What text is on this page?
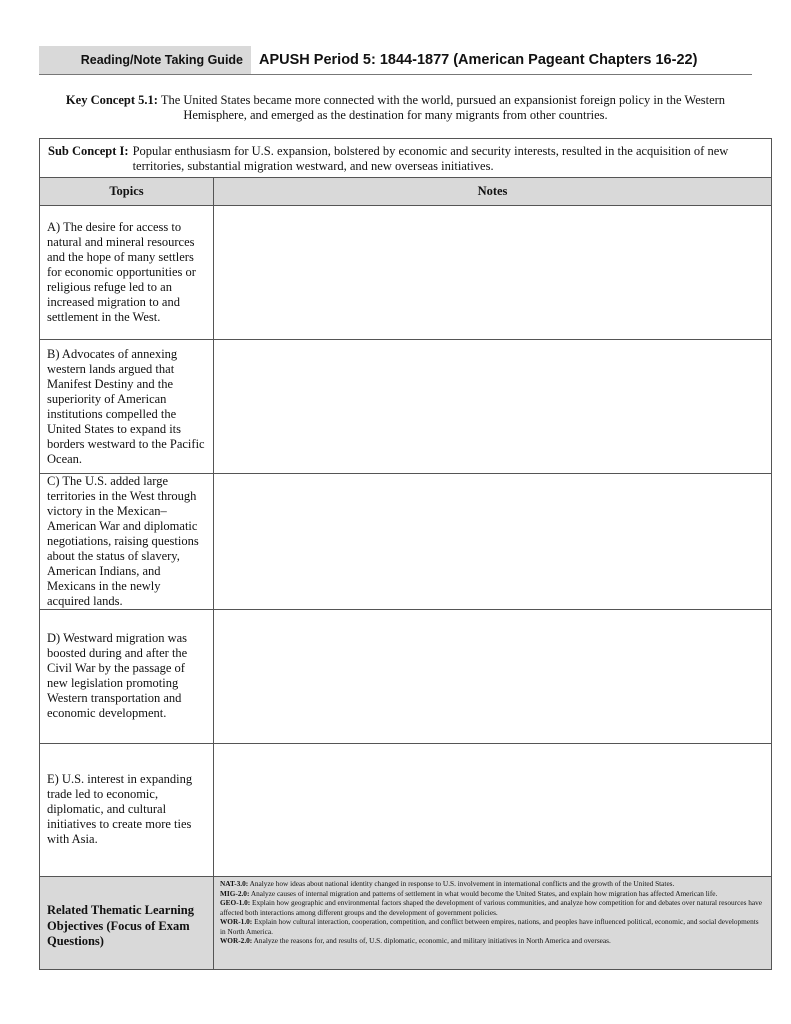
Reading/Note Taking Guide	APUSH Period 5: 1844-1877 (American Pageant Chapters 16-22)
Key Concept 5.1: The United States became more connected with the world, pursued an expansionist foreign policy in the Western Hemisphere, and emerged as the destination for many migrants from other countries.
Sub Concept I: Popular enthusiasm for U.S. expansion, bolstered by economic and security interests, resulted in the acquisition of new territories, substantial migration westward, and new overseas initiatives.	

Topics	Notes

A) The desire for access to natural and mineral resources and the hope of many settlers for economic opportunities or religious refuge led to an increased migration to and settlement in the West.	

B) Advocates of annexing western lands argued that Manifest Destiny and the superiority of American institutions compelled the United States to expand its borders westward to the Pacific Ocean.	

C) The U.S. added large territories in the West through victory in the Mexican–American War and diplomatic negotiations, raising questions about the status of slavery, American Indians, and Mexicans in the newly acquired lands.	

D) Westward migration was boosted during and after the Civil War by the passage of new legislation promoting Western transportation and economic development.	

E) U.S. interest in expanding trade led to economic, diplomatic, and cultural initiatives to create more ties with Asia.	

Related Thematic Learning Objectives (Focus of Exam Questions)	NAT-3.0: Analyze how ideas about national identity changed in response to U.S. involvement in international conflicts and the growth of the United States.
MIG-2.0: Analyze causes of internal migration and patterns of settlement in what would become the United States, and explain how migration has affected American life.
GEO-1.0: Explain how geographic and environmental factors shaped the development of various communities, and analyze how competition for and debates over natural resources have affected both interactions among different groups and the development of government policies.
WOR-1.0: Explain how cultural interaction, cooperation, competition, and conflict between empires, nations, and peoples have influenced political, economic, and social developments in North America.
WOR-2.0: Analyze the reasons for, and results of, U.S. diplomatic, economic, and military initiatives in North America and overseas.
